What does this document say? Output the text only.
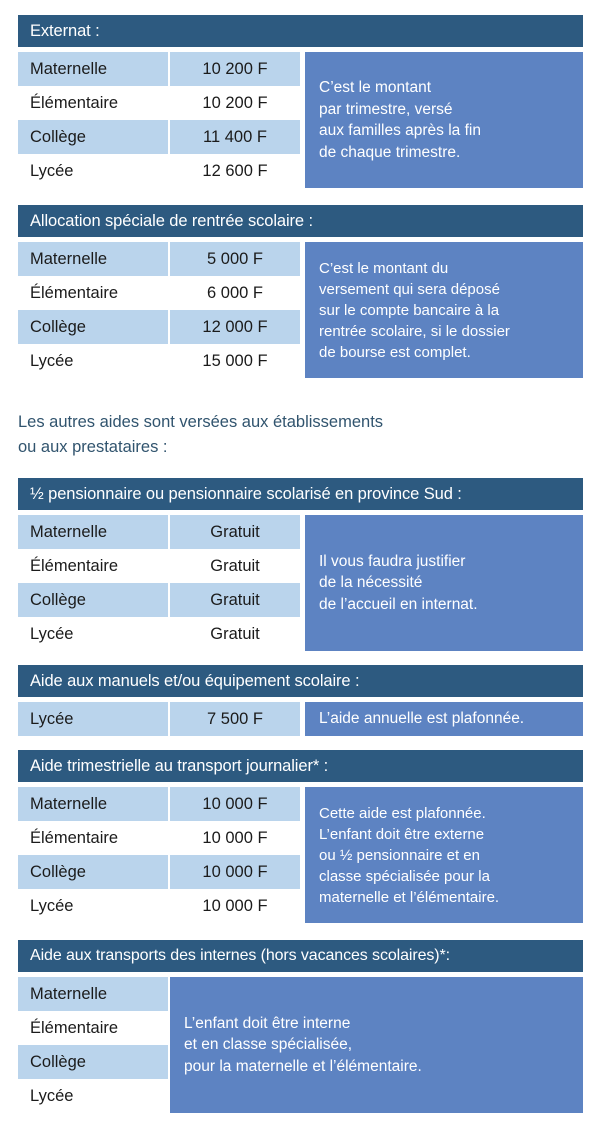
Externat :
Maternelle	10 200 F
Élémentaire	10 200 F
Collège	11 400 F
Lycée	12 600 F

C’est le montant

par trimestre, versé

aux familles après la fin

de chaque trimestre.

Allocation spéciale de rentrée scolaire :
Maternelle	5 000 F
Élémentaire	6 000 F
Collège	12 000 F
Lycée	15 000 F

C’est le montant du

versement qui sera déposé

sur le compte bancaire à la

rentrée scolaire, si le dossier

de bourse est complet.

Les autres aides sont versées aux établissements

ou aux prestataires :

½ pensionnaire ou pensionnaire scolarisé en province Sud :
Maternelle	Gratuit
Élémentaire	Gratuit
Collège	Gratuit
Lycée	Gratuit

Il vous faudra justifier

de la nécessité

de l’accueil en internat.

Aide aux manuels et/ou équipement scolaire :
Lycée	7 500 F	L’aide annuelle est plafonnée.

Aide trimestrielle au transport journalier* :
Maternelle	10 000 F
Élémentaire	10 000 F
Collège	10 000 F
Lycée	10 000 F

Cette aide est plafonnée.

L’enfant doit être externe

ou ½ pensionnaire et en

classe spécialisée pour la

maternelle et l’élémentaire.

Aide aux transports des internes (hors vacances scolaires)*:
Maternelle
Élémentaire
Collège
Lycée

L’enfant doit être interne

et en classe spécialisée,

pour la maternelle et l’élémentaire.
